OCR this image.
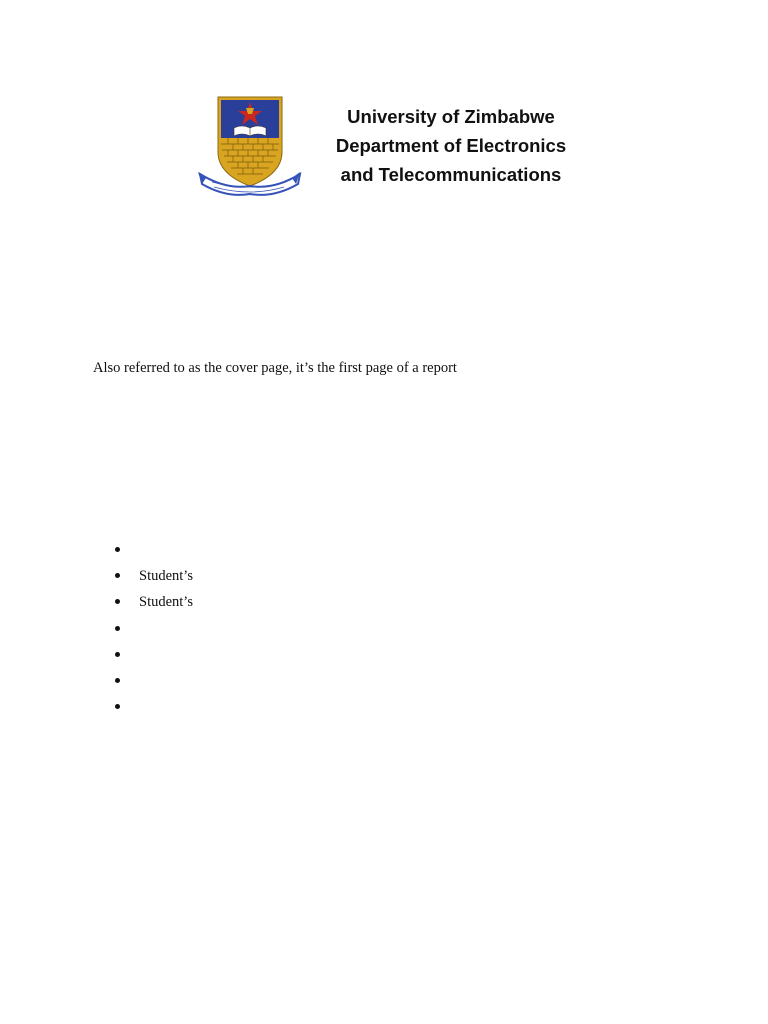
University of Zimbabwe
Department of Electronics
and Telecommunications
Also referred to as the cover page, it’s the first page of a report
Student’s
Student’s
